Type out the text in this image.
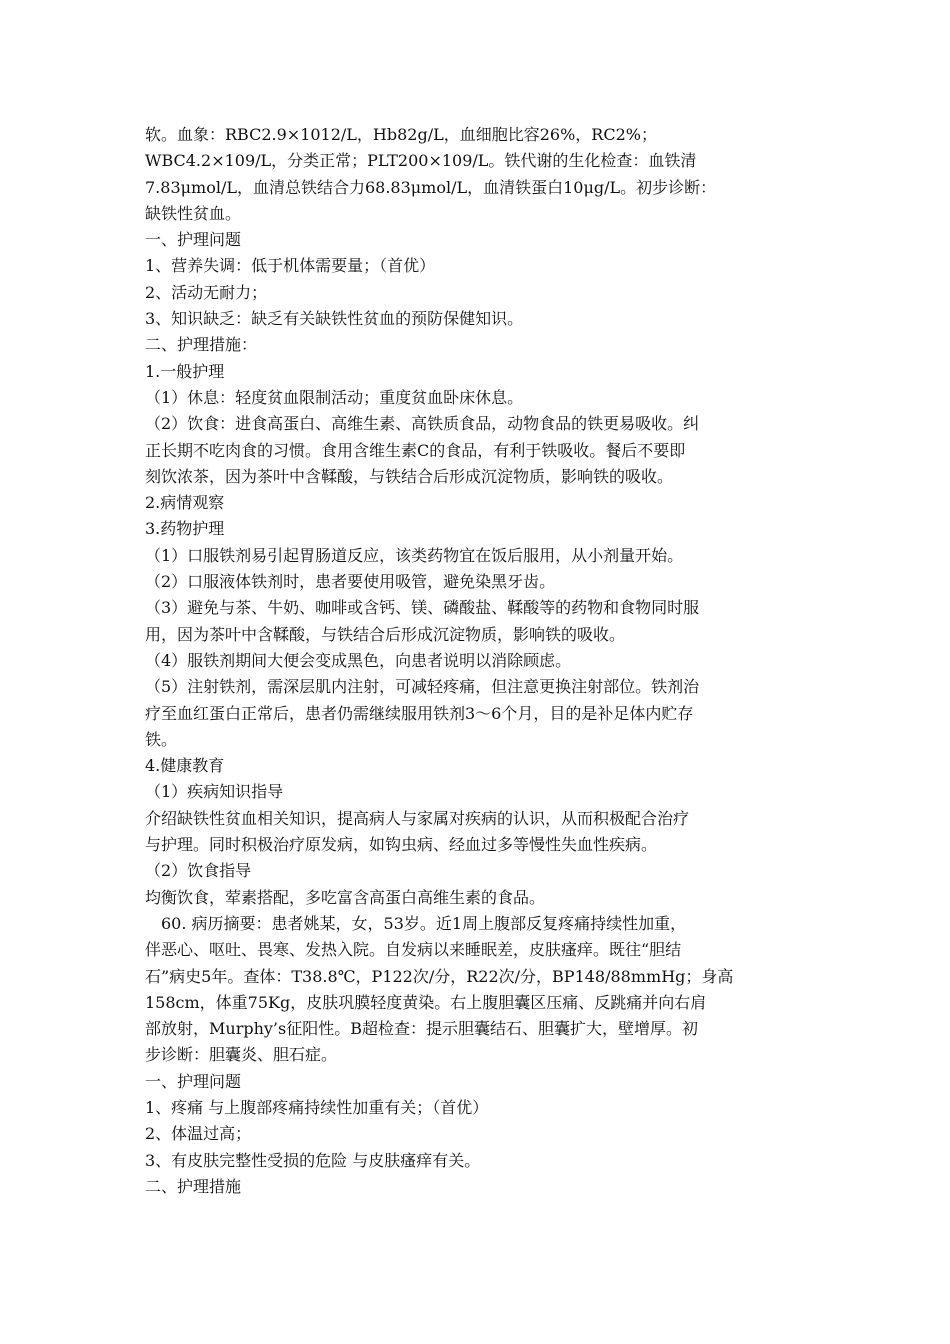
软。血象：RBC2.9×1012/L，Hb82g/L，血细胞比容26%，RC2%；
WBC4.2×109/L，分类正常；PLT200×109/L。铁代谢的生化检查：血铁清
7.83μmol/L，血清总铁结合力68.83μmol/L，血清铁蛋白10μg/L。初步诊断：
缺铁性贫血。
一、护理问题
1、营养失调：低于机体需要量；（首优）
2、活动无耐力；
3、知识缺乏：缺乏有关缺铁性贫血的预防保健知识。
二、护理措施：
1.一般护理
（1）休息：轻度贫血限制活动；重度贫血卧床休息。
（2）饮食：进食高蛋白、高维生素、高铁质食品，动物食品的铁更易吸收。纠
正长期不吃肉食的习惯。食用含维生素C的食品，有利于铁吸收。餐后不要即
刻饮浓茶，因为茶叶中含鞣酸，与铁结合后形成沉淀物质，影响铁的吸收。
2.病情观察
3.药物护理
（1）口服铁剂易引起胃肠道反应，该类药物宜在饭后服用，从小剂量开始。
（2）口服液体铁剂时，患者要使用吸管，避免染黑牙齿。
（3）避免与茶、牛奶、咖啡或含钙、镁、磷酸盐、鞣酸等的药物和食物同时服
用，因为茶叶中含鞣酸，与铁结合后形成沉淀物质，影响铁的吸收。
（4）服铁剂期间大便会变成黑色，向患者说明以消除顾虑。
（5）注射铁剂，需深层肌内注射，可减轻疼痛，但注意更换注射部位。铁剂治
疗至血红蛋白正常后，患者仍需继续服用铁剂3～6个月，目的是补足体内贮存
铁。
4.健康教育
（1）疾病知识指导
介绍缺铁性贫血相关知识，提高病人与家属对疾病的认识，从而积极配合治疗
与护理。同时积极治疗原发病，如钩虫病、经血过多等慢性失血性疾病。
（2）饮食指导
均衡饮食，荤素搭配，多吃富含高蛋白高维生素的食品。
　60. 病历摘要：患者姚某，女，53岁。近1周上腹部反复疼痛持续性加重，
伴恶心、呕吐、畏寒、发热入院。自发病以来睡眠差，皮肤瘙痒。既往“胆结
石”病史5年。查体：T38.8℃，P122次/分，R22次/分，BP148/88mmHg；身高
158cm，体重75Kg，皮肤巩膜轻度黄染。右上腹胆囊区压痛、反跳痛并向右肩
部放射，Murphy’s征阳性。B超检查：提示胆囊结石、胆囊扩大，壁增厚。初
步诊断：胆囊炎、胆石症。
一、护理问题
1、疼痛 与上腹部疼痛持续性加重有关；（首优）
2、体温过高；
3、有皮肤完整性受损的危险 与皮肤瘙痒有关。
二、护理措施
